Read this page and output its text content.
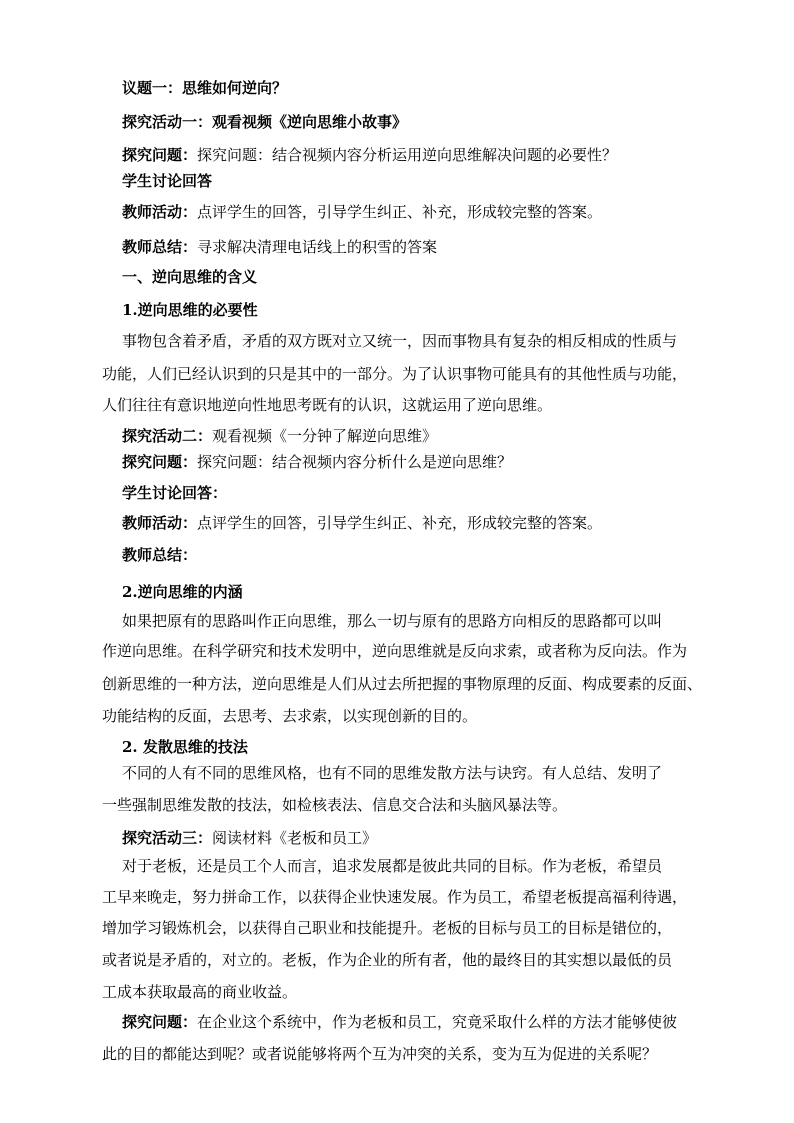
议题一：思维如何逆向？
探究活动一：观看视频《逆向思维小故事》
探究问题：探究问题：结合视频内容分析运用逆向思维解决问题的必要性？
学生讨论回答
教师活动：点评学生的回答，引导学生纠正、补充，形成较完整的答案。
教师总结：寻求解决清理电话线上的积雪的答案
一、逆向思维的含义
1.逆向思维的必要性
事物包含着矛盾，矛盾的双方既对立又统一，因而事物具有复杂的相反相成的性质与
功能，人们已经认识到的只是其中的一部分。为了认识事物可能具有的其他性质与功能，
人们往往有意识地逆向性地思考既有的认识，这就运用了逆向思维。
探究活动二：观看视频《一分钟了解逆向思维》
探究问题：探究问题：结合视频内容分析什么是逆向思维？
学生讨论回答：
教师活动：点评学生的回答，引导学生纠正、补充，形成较完整的答案。
教师总结：
2.逆向思维的内涵
如果把原有的思路叫作正向思维，那么一切与原有的思路方向相反的思路都可以叫
作逆向思维。在科学研究和技术发明中，逆向思维就是反向求索，或者称为反向法。作为
创新思维的一种方法，逆向思维是人们从过去所把握的事物原理的反面、构成要素的反面、
功能结构的反面，去思考、去求索，以实现创新的目的。
2. 发散思维的技法
不同的人有不同的思维风格，也有不同的思维发散方法与诀窍。有人总结、发明了
一些强制思维发散的技法，如检核表法、信息交合法和头脑风暴法等。
探究活动三：阅读材料《老板和员工》
对于老板，还是员工个人而言，追求发展都是彼此共同的目标。作为老板，希望员
工早来晚走，努力拼命工作，以获得企业快速发展。作为员工，希望老板提高福利待遇，
增加学习锻炼机会，以获得自己职业和技能提升。老板的目标与员工的目标是错位的，
或者说是矛盾的，对立的。老板，作为企业的所有者，他的最终目的其实想以最低的员
工成本获取最高的商业收益。
探究问题：在企业这个系统中，作为老板和员工，究竟采取什么样的方法才能够使彼
此的目的都能达到呢？或者说能够将两个互为冲突的关系，变为互为促进的关系呢？
